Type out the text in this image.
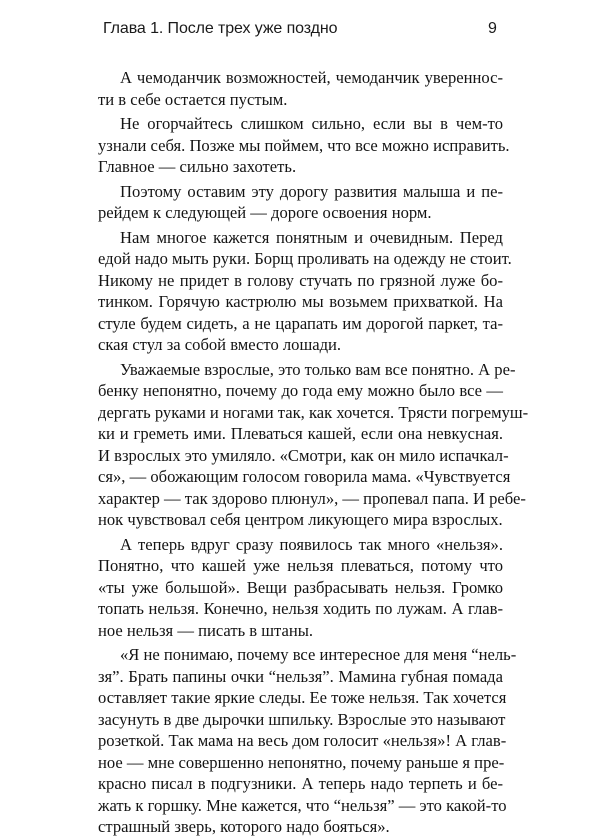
Глава 1. После трех уже поздно	9
А чемоданчик возможностей, чемоданчик увереннос-
ти в себе остается пустым.
Не огорчайтесь слишком сильно, если вы в чем-то
узнали себя. Позже мы поймем, что все можно исправить.
Главное — сильно захотеть.
Поэтому оставим эту дорогу развития малыша и пе-
рейдем к следующей — дороге освоения норм.
Нам многое кажется понятным и очевидным. Перед
едой надо мыть руки. Борщ проливать на одежду не стоит.
Никому не придет в голову стучать по грязной луже бо-
тинком. Горячую кастрюлю мы возьмем прихваткой. На
стуле будем сидеть, а не царапать им дорогой паркет, та-
ская стул за собой вместо лошади.
Уважаемые взрослые, это только вам все понятно. А ре-
бенку непонятно, почему до года ему можно было все —
дергать руками и ногами так, как хочется. Трясти погремуш-
ки и греметь ими. Плеваться кашей, если она невкусная.
И взрослых это умиляло. «Смотри, как он мило испачкал-
ся», — обожающим голосом говорила мама. «Чувствуется
характер — так здорово плюнул», — пропевал папа. И ребе-
нок чувствовал себя центром ликующего мира взрослых.
А теперь вдруг сразу появилось так много «нельзя».
Понятно, что кашей уже нельзя плеваться, потому что
«ты уже большой». Вещи разбрасывать нельзя. Громко
топать нельзя. Конечно, нельзя ходить по лужам. А глав-
ное нельзя — писать в штаны.
«Я не понимаю, почему все интересное для меня “нель-
зя”. Брать папины очки “нельзя”. Мамина губная помада
оставляет такие яркие следы. Ее тоже нельзя. Так хочется
засунуть в две дырочки шпильку. Взрослые это называют
розеткой. Так мама на весь дом голосит «нельзя»! А глав-
ное — мне совершенно непонятно, почему раньше я пре-
красно писал в подгузники. А теперь надо терпеть и бе-
жать к горшку. Мне кажется, что “нельзя” — это какой-то
страшный зверь, которого надо бояться».
